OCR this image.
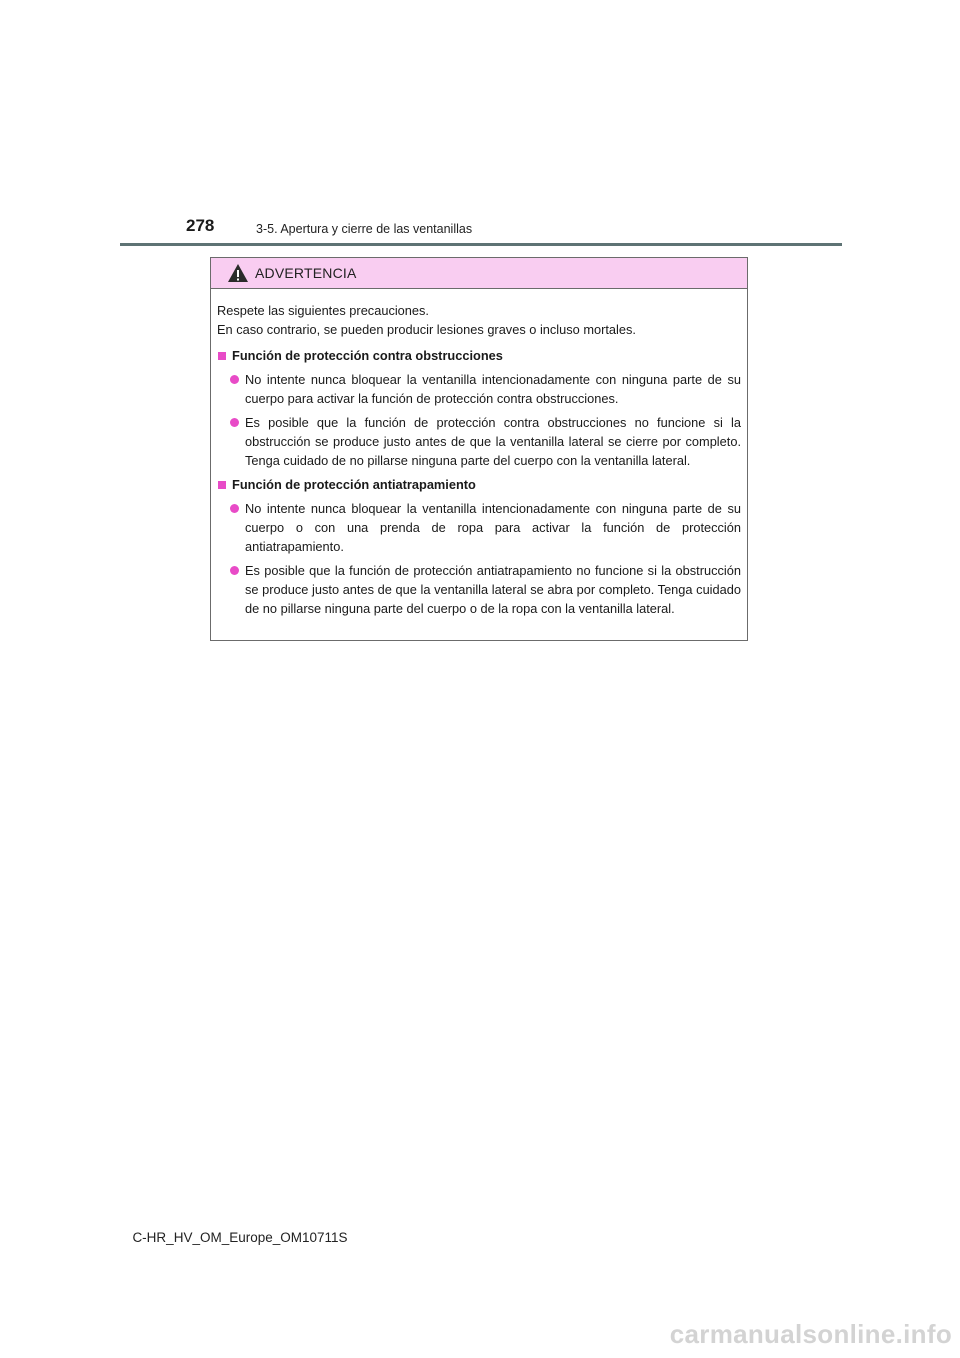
278	3-5. Apertura y cierre de las ventanillas
ADVERTENCIA

Respete las siguientes precauciones.
En caso contrario, se pueden producir lesiones graves o incluso mortales.

Función de protección contra obstrucciones
No intente nunca bloquear la ventanilla intencionadamente con ninguna parte de su cuerpo para activar la función de protección contra obstrucciones.
Es posible que la función de protección contra obstrucciones no funcione si la obstrucción se produce justo antes de que la ventanilla lateral se cierre por completo. Tenga cuidado de no pillarse ninguna parte del cuerpo con la ventanilla lateral.
Función de protección antiatrapamiento
No intente nunca bloquear la ventanilla intencionadamente con ninguna parte de su cuerpo o con una prenda de ropa para activar la función de protección antiatrapamiento.
Es posible que la función de protección antiatrapamiento no funcione si la obstrucción se produce justo antes de que la ventanilla lateral se abra por completo. Tenga cuidado de no pillarse ninguna parte del cuerpo o de la ropa con la ventanilla lateral.
C-HR_HV_OM_Europe_OM10711S
carmanualsonline.info
